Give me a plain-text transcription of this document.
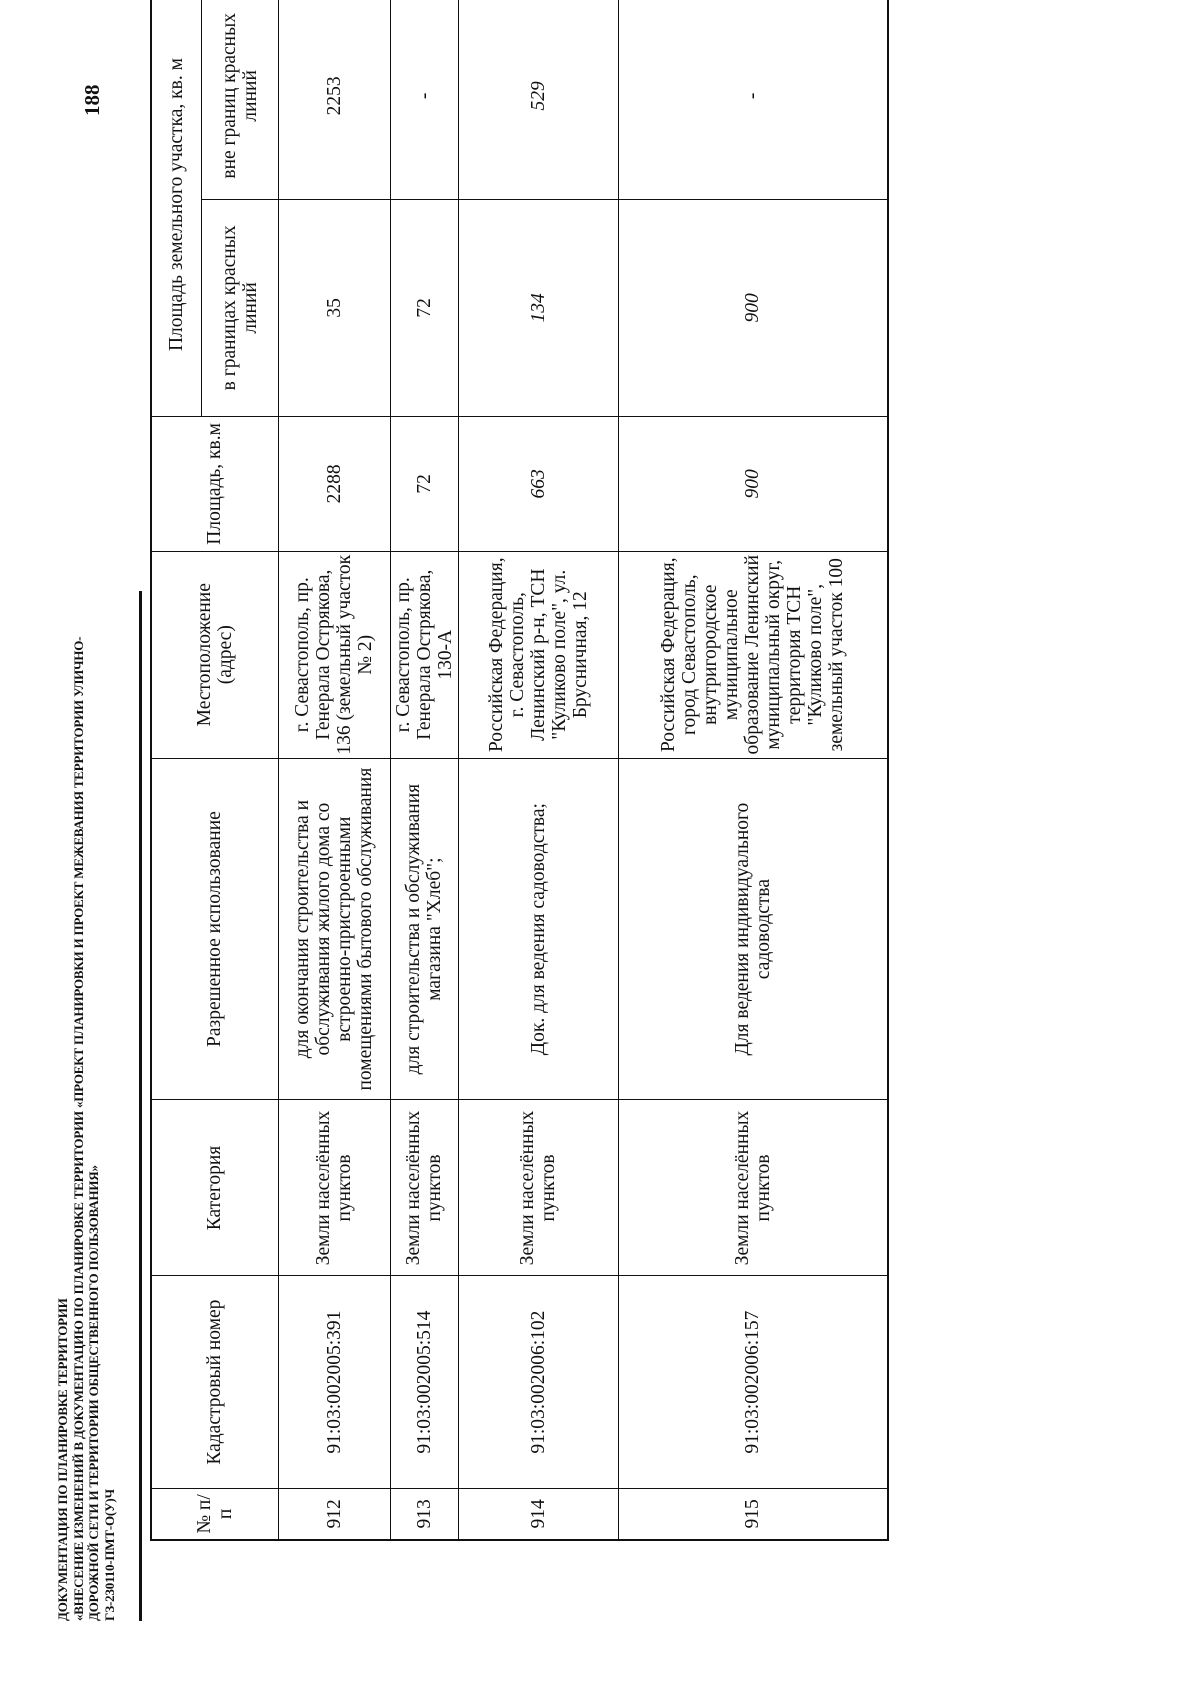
ДОКУМЕНТАЦИЯ ПО ПЛАНИРОВКЕ ТЕРРИТОРИИ «ВНЕСЕНИЕ ИЗМЕНЕНИЙ В ДОКУМЕНТАЦИЮ ПО ПЛАНИРОВКЕ ТЕРРИТОРИИ «ПРОЕКТ ПЛАНИРОВКИ И ПРОЕКТ МЕЖЕВАНИЯ ТЕРРИТОРИИ УЛИЧНО- ДОРОЖНОЙ СЕТИ И ТЕРРИТОРИИ ОБЩЕСТВЕННОГО ПОЛЬЗОВАНИЯ» ГЗ-230110-ПМТ-О(У)Ч
188
№ п/п	Кадастровый номер	Категория	Разрешенное использование	Местоположение (адрес)	Площадь, кв.м	Площадь земельного участка, кв. м	
						в границах красных линий	вне границ красных линий
912	91:03:002005:391	Земли населённых пунктов	для окончания строительства и обслуживания жилого дома со встроенно-пристроенными помещениями бытового обслуживания	г. Севастополь, пр. Генерала Острякова, 136 (земельный участок № 2)	2288	35	2253
913	91:03:002005:514	Земли населённых пунктов	для строительства и обслуживания магазина "Хлеб";	г. Севастополь, пр. Генерала Острякова, 130-А	72	72	-
914	91:03:002006:102	Земли населённых пунктов	Док. для ведения садоводства;	Российская Федерация, г. Севастополь, Ленинский р-н, ТСН "Куликово поле", ул. Брусничная, 12	663	134	529
915	91:03:002006:157	Земли населённых пунктов	Для ведения индивидуального садоводства	Российская Федерация, город Севастополь, внутригородское муниципальное образование Ленинский муниципальный округ, территория ТСН "Куликово поле", земельный участок 100	900	900	-
